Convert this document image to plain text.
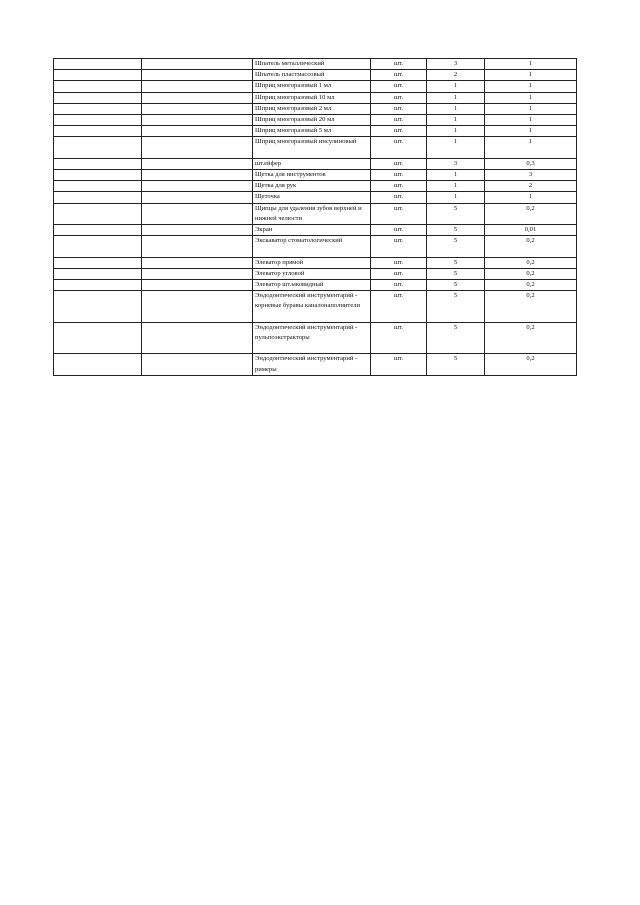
		Шпатель металлический	шт.	3	1
		Шпатель пластмассовый	шт.	2	1
		Шприц многоразовый 1 мл	шт.	1	1
		Шприц многоразовый 10 мл	шт.	1	1
		Шприц многоразовый 2 мл	шт.	1	1
		Шприц многоразовый 20 мл	шт.	1	1
		Шприц многоразовый 5 мл	шт.	1	1
		Шприц многоразовый инсулиновый	шт.	1	1
		шт.ейфер	шт.	3	0,3
		Щетка для инструментов	шт.	1	3
		Щетка для рук	шт.	1	2
		Щеточка	шт.	1	1
		Щипцы для удаления зубов верхней и нижней челюсти	шт.	5	0,2
		Экран	шт.	5	0,01
		Экскаватор стоматологический	шт.	5	0,2
		Элеватор прямой	шт.	5	0,2
		Элеватор угловой	шт.	5	0,2
		Элеватор шт.ыковидный	шт.	5	0,2
		Эндодонтический инструментарий - корневые буравы каналонаполнители	шт.	5	0,2
		Эндодонтический инструментарий - пульпоэкстракторы	шт.	5	0,2
		Эндодонтический инструментарий - римеры	шт.	5	0,2
